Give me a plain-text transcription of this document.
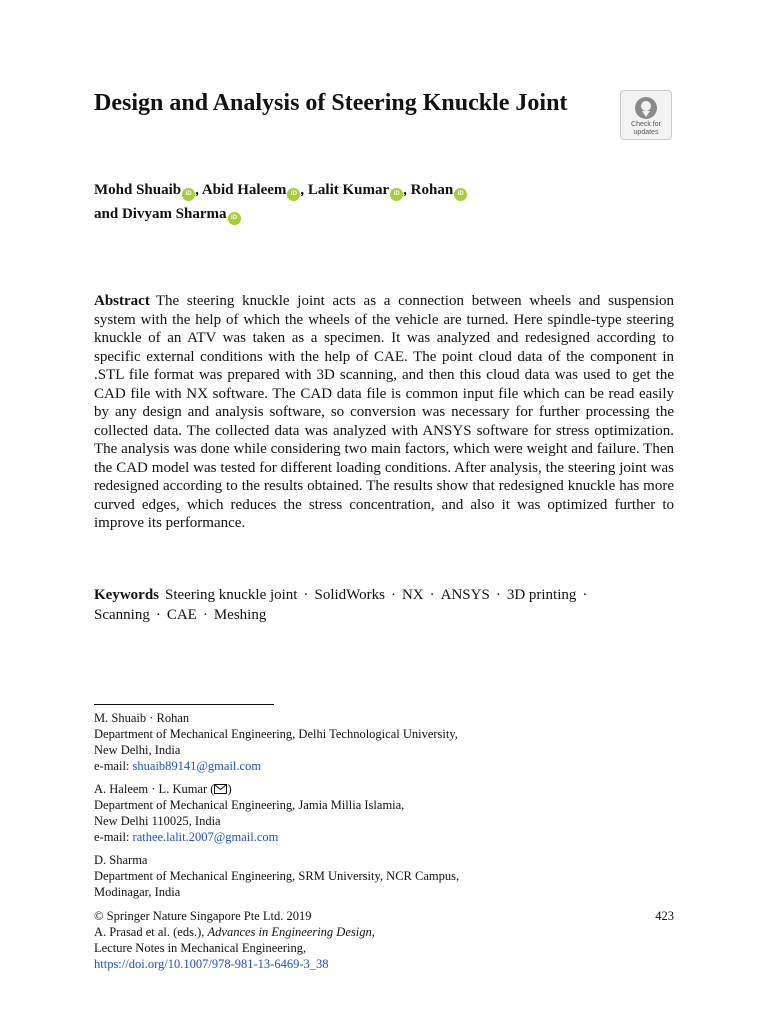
Design and Analysis of Steering Knuckle Joint
Check for
updates
Mohd Shuaib iD , Abid Haleem iD , Lalit Kumar iD , Rohan iD
and Divyam Sharma iD

Abstract The steering knuckle joint acts as a connection between wheels and suspension system with the help of which the wheels of the vehicle are turned. Here spindle-type steering knuckle of an ATV was taken as a specimen. It was analyzed and redesigned according to specific external conditions with the help of CAE. The point cloud data of the component in .STL file format was prepared with 3D scanning, and then this cloud data was used to get the CAD file with NX software. The CAD data file is common input file which can be read easily by any design and analysis software, so conversion was necessary for further processing the collected data. The collected data was analyzed with ANSYS software for stress optimization. The analysis was done while considering two main factors, which were weight and failure. Then the CAD model was tested for different loading conditions. After analysis, the steering joint was redesigned according to the results obtained. The results show that redesigned knuckle has more curved edges, which reduces the stress concentration, and also it was optimized further to improve its performance.

Keywords Steering knuckle joint · SolidWorks · NX · ANSYS · 3D printing ·
Scanning · CAE · Meshing

M. Shuaib · Rohan
Department of Mechanical Engineering, Delhi Technological University,
New Delhi, India
e-mail: shuaib89141@gmail.com
A. Haleem · L. Kumar ( )
Department of Mechanical Engineering, Jamia Millia Islamia,
New Delhi 110025, India
e-mail: rathee.lalit.2007@gmail.com
D. Sharma
Department of Mechanical Engineering, SRM University, NCR Campus,
Modinagar, India
© Springer Nature Singapore Pte Ltd. 2019	423
A. Prasad et al. (eds.), Advances in Engineering Design,
Lecture Notes in Mechanical Engineering,
https://doi.org/10.1007/978-981-13-6469-3_38
